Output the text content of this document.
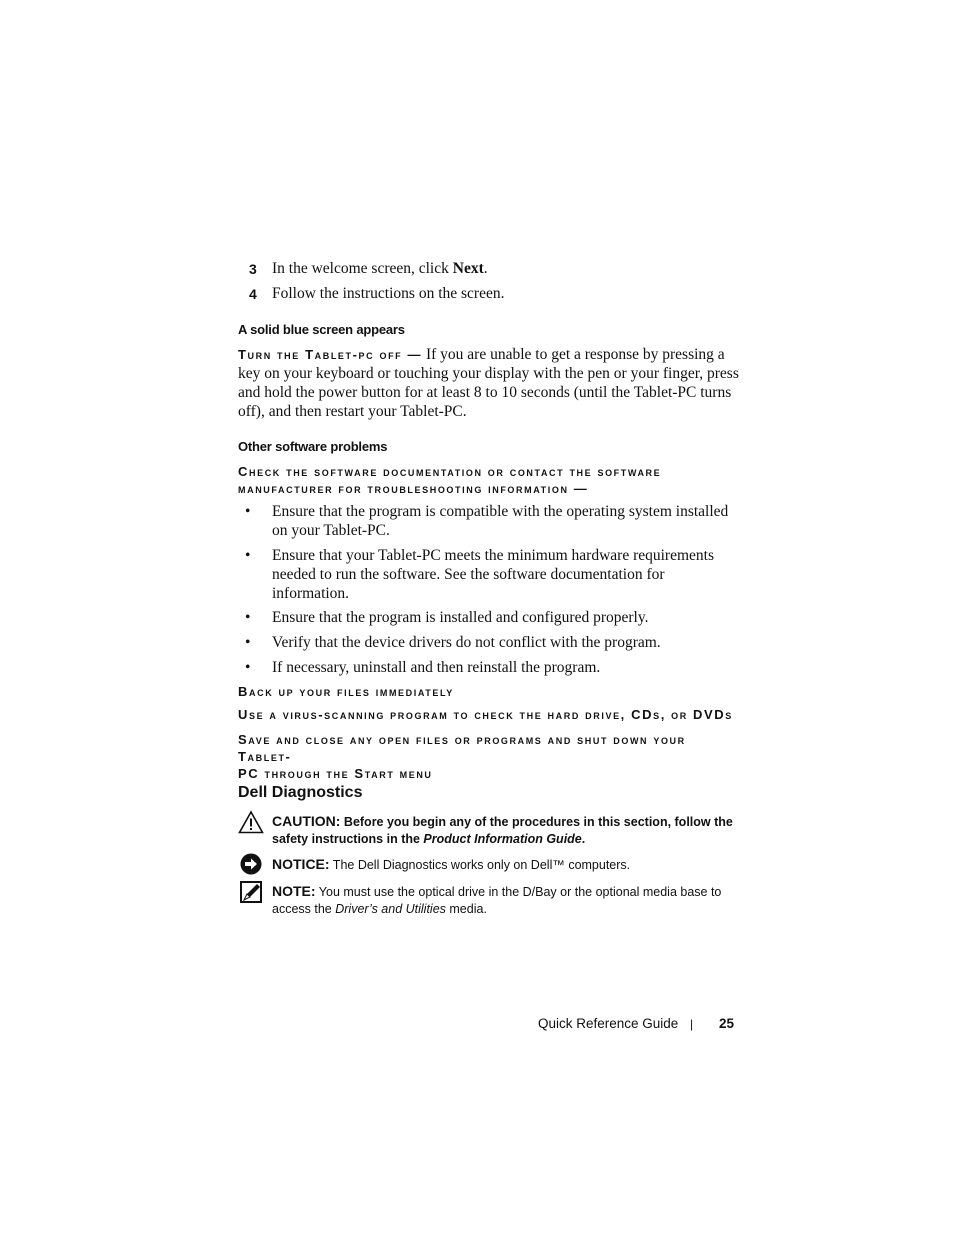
3 In the welcome screen, click Next.
4 Follow the instructions on the screen.
A solid blue screen appears
Turn the Tablet-pc off — If you are unable to get a response by pressing a key on your keyboard or touching your display with the pen or your finger, press and hold the power button for at least 8 to 10 seconds (until the Tablet-PC turns off), and then restart your Tablet-PC.
Other software problems
Check the software documentation or contact the software
manufacturer for troubleshooting information —
• Ensure that the program is compatible with the operating system installed on your Tablet-PC.
• Ensure that your Tablet-PC meets the minimum hardware requirements needed to run the software. See the software documentation for information.
• Ensure that the program is installed and configured properly.
• Verify that the device drivers do not conflict with the program.
• If necessary, uninstall and then reinstall the program.
Back up your files immediately
Use a virus-scanning program to check the hard drive, CDs, or DVDs
Save and close any open files or programs and shut down your Tablet-
PC through the Start menu
Dell Diagnostics
CAUTION: Before you begin any of the procedures in this section, follow the safety instructions in the Product Information Guide.
NOTICE: The Dell Diagnostics works only on Dell™ computers.
NOTE: You must use the optical drive in the D/Bay or the optional media base to access the Driver’s and Utilities media.
Quick Reference Guide | 25
